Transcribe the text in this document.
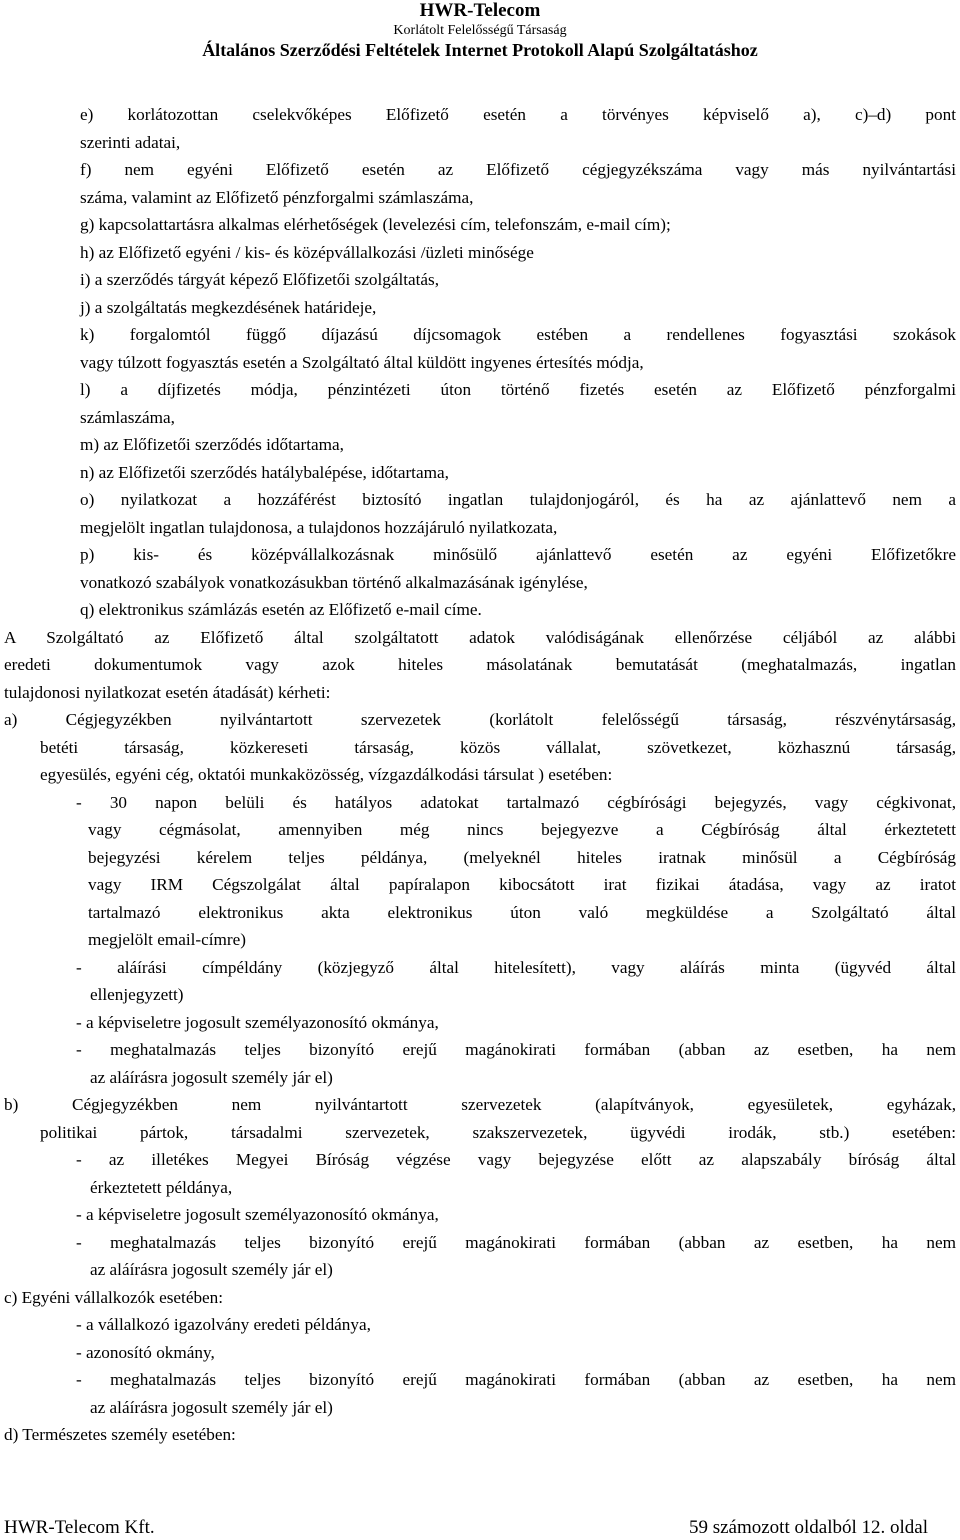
HWR-Telecom
Korlátolt Felelősségű Társaság
Általános Szerződési Feltételek Internet Protokoll Alapú Szolgáltatáshoz
e) korlátozottan cselekvőképes Előfizető esetén a törvényes képviselő a), c)–d) pont
szerinti adatai,
f) nem egyéni Előfizető esetén az Előfizető cégjegyzékszáma vagy más nyilvántartási
száma, valamint az Előfizető pénzforgalmi számlaszáma,
g) kapcsolattartásra alkalmas elérhetőségek (levelezési cím, telefonszám, e-mail cím);
h) az Előfizető egyéni / kis- és középvállalkozási /üzleti minősége
i) a szerződés tárgyát képező Előfizetői szolgáltatás,
j) a szolgáltatás megkezdésének határideje,
k) forgalomtól függő díjazású díjcsomagok estében a rendellenes fogyasztási szokások
vagy túlzott fogyasztás esetén a Szolgáltató által küldött ingyenes értesítés módja,
l) a díjfizetés módja, pénzintézeti úton történő fizetés esetén az Előfizető pénzforgalmi
számlaszáma,
m) az Előfizetői szerződés időtartama,
n) az Előfizetői szerződés hatálybalépése, időtartama,
o) nyilatkozat a hozzáférést biztosító ingatlan tulajdonjogáról, és ha az ajánlattevő nem a
megjelölt ingatlan tulajdonosa, a tulajdonos hozzájáruló nyilatkozata,
p) kis- és középvállalkozásnak minősülő ajánlattevő esetén az egyéni Előfizetőkre
vonatkozó szabályok vonatkozásukban történő alkalmazásának igénylése,
q) elektronikus számlázás esetén az Előfizető e-mail címe.
A Szolgáltató az Előfizető által szolgáltatott adatok valódiságának ellenőrzése céljából az alábbi
eredeti dokumentumok vagy azok hiteles másolatának bemutatását (meghatalmazás, ingatlan
tulajdonosi nyilatkozat esetén átadását) kérheti:
a) Cégjegyzékben nyilvántartott szervezetek (korlátolt felelősségű társaság, részvénytársaság,
betéti társaság, közkereseti társaság, közös vállalat, szövetkezet, közhasznú társaság,
egyesülés, egyéni cég, oktatói munkaközösség, vízgazdálkodási társulat ) esetében:
- 30 napon belüli és hatályos adatokat tartalmazó cégbírósági bejegyzés, vagy cégkivonat,
vagy cégmásolat, amennyiben még nincs bejegyezve a Cégbíróság által érkeztetett
bejegyzési kérelem teljes példánya, (melyeknél hiteles iratnak minősül a Cégbíróság
vagy IRM Cégszolgálat által papíralapon kibocsátott irat fizikai átadása, vagy az iratot
tartalmazó elektronikus akta elektronikus úton való megküldése a Szolgáltató által
megjelölt email-címre)
- aláírási címpéldány (közjegyző által hitelesített), vagy aláírás minta (ügyvéd által
ellenjegyzett)
- a képviseletre jogosult személyazonosító okmánya,
- meghatalmazás teljes bizonyító erejű magánokirati formában (abban az esetben, ha nem
az aláírásra jogosult személy jár el)
b) Cégjegyzékben nem nyilvántartott szervezetek (alapítványok, egyesületek, egyházak,
politikai pártok, társadalmi szervezetek, szakszervezetek, ügyvédi irodák, stb.) esetében:
- az illetékes Megyei Bíróság végzése vagy bejegyzése előtt az alapszabály bíróság által
érkeztetett példánya,
- a képviseletre jogosult személyazonosító okmánya,
- meghatalmazás teljes bizonyító erejű magánokirati formában (abban az esetben, ha nem
az aláírásra jogosult személy jár el)
c) Egyéni vállalkozók esetében:
- a vállalkozó igazolvány eredeti példánya,
- azonosító okmány,
- meghatalmazás teljes bizonyító erejű magánokirati formában (abban az esetben, ha nem
az aláírásra jogosult személy jár el)
d) Természetes személy esetében:
HWR-Telecom Kft.	59 számozott oldalból 12. oldal
